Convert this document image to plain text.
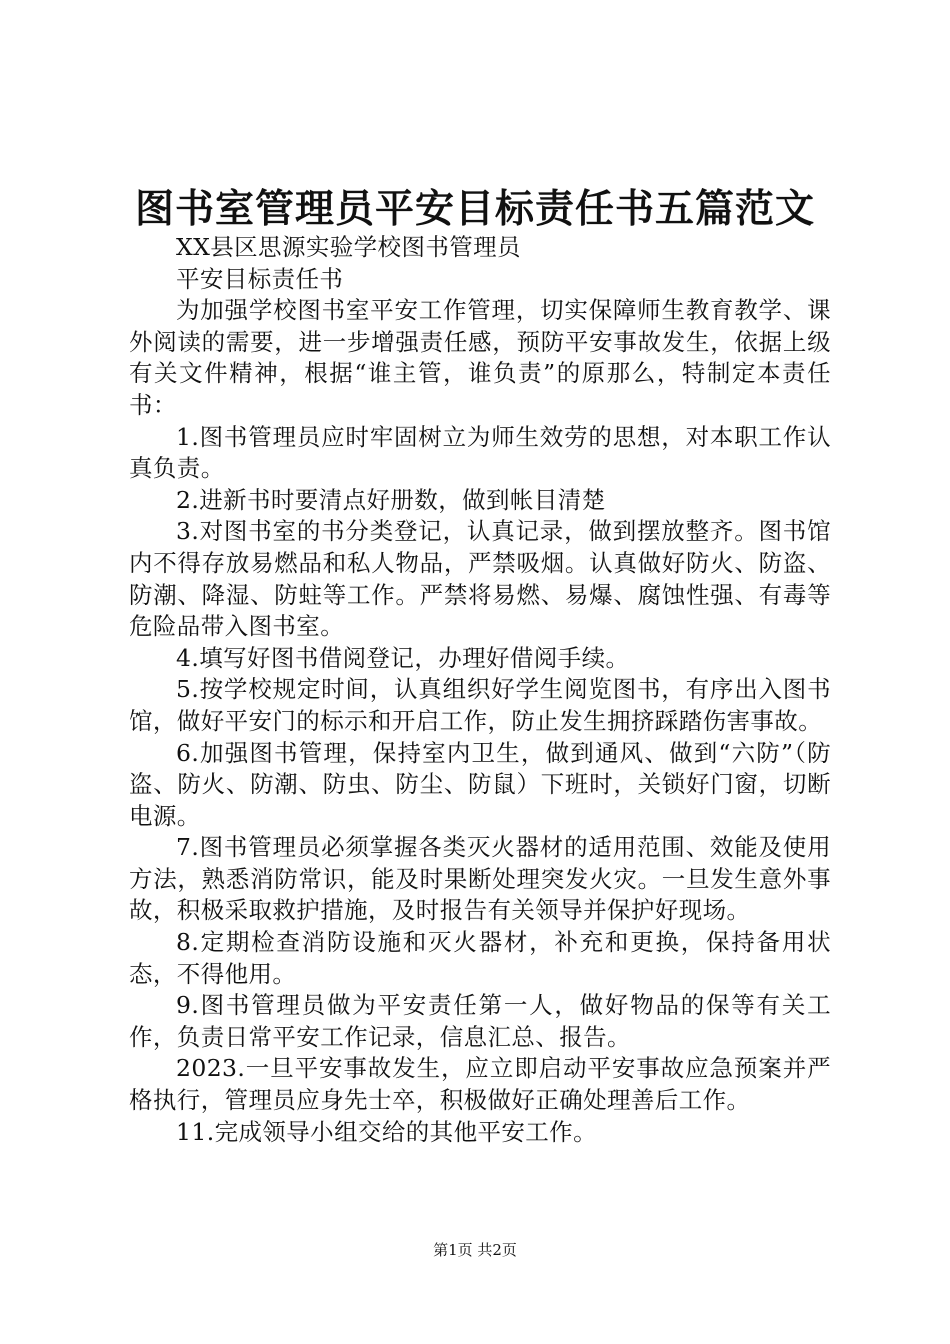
图书室管理员平安目标责任书五篇范文

XX县区思源实验学校图书管理员

平安目标责任书

为加强学校图书室平安工作管理，切实保障师生教育教学、课外阅读的需要，进一步增强责任感，预防平安事故发生，依据上级有关文件精神，根据“谁主管，谁负责”的原那么，特制定本责任书：

1.图书管理员应时牢固树立为师生效劳的思想，对本职工作认真负责。

2.进新书时要清点好册数，做到帐目清楚

3.对图书室的书分类登记，认真记录，做到摆放整齐。图书馆内不得存放易燃品和私人物品，严禁吸烟。认真做好防火、防盗、防潮、降湿、防蛀等工作。严禁将易燃、易爆、腐蚀性强、有毒等危险品带入图书室。

4.填写好图书借阅登记，办理好借阅手续。

5.按学校规定时间，认真组织好学生阅览图书，有序出入图书馆，做好平安门的标示和开启工作，防止发生拥挤踩踏伤害事故。

6.加强图书管理，保持室内卫生，做到通风、做到“六防”（防盗、防火、防潮、防虫、防尘、防鼠）下班时，关锁好门窗，切断电源。

7.图书管理员必须掌握各类灭火器材的适用范围、效能及使用方法，熟悉消防常识，能及时果断处理突发火灾。一旦发生意外事故，积极采取救护措施，及时报告有关领导并保护好现场。

8.定期检查消防设施和灭火器材，补充和更换，保持备用状态，不得他用。

9.图书管理员做为平安责任第一人，做好物品的保等有关工作，负责日常平安工作记录，信息汇总、报告。

2023.一旦平安事故发生，应立即启动平安事故应急预案并严格执行，管理员应身先士卒，积极做好正确处理善后工作。

11.完成领导小组交给的其他平安工作。

第1页 共2页
